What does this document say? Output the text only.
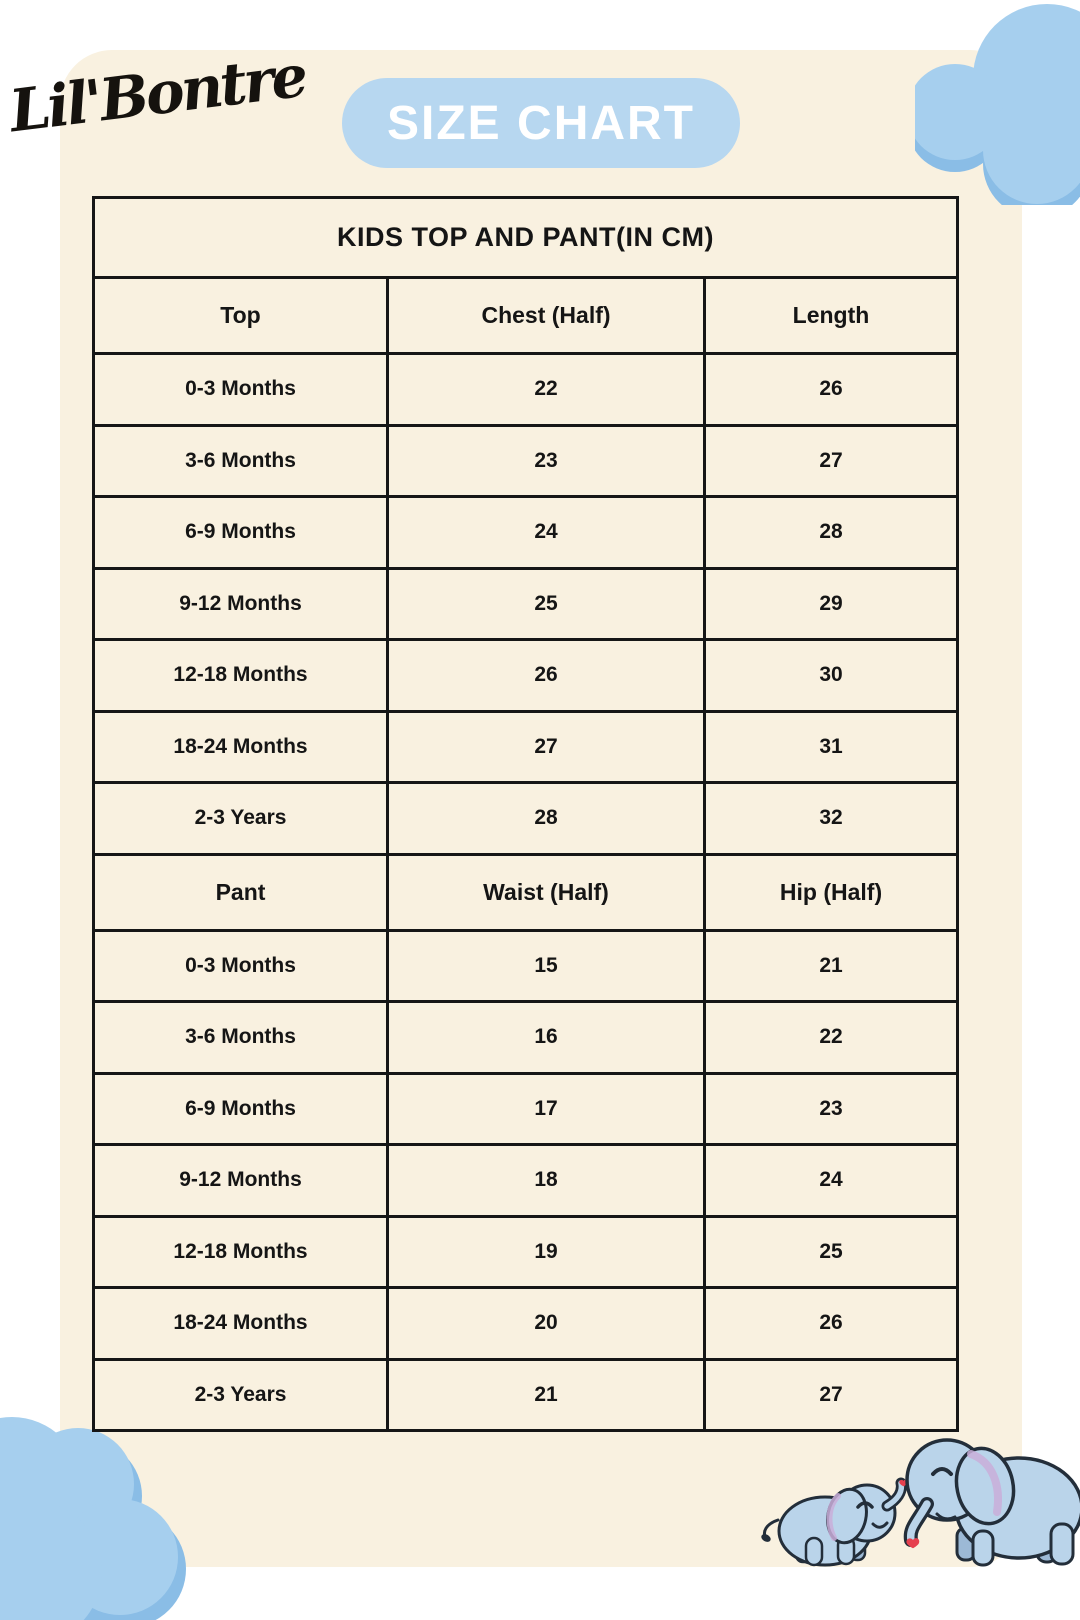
Lil'Bontre	SIZE CHART
KIDS TOP AND PANT(IN CM)		
Top	Chest (Half)	Length
0-3 Months	22	26
3-6 Months	23	27
6-9 Months	24	28
9-12 Months	25	29
12-18 Months	26	30
18-24 Months	27	31
2-3 Years	28	32
Pant	Waist (Half)	Hip (Half)
0-3 Months	15	21
3-6 Months	16	22
6-9 Months	17	23
9-12 Months	18	24
12-18 Months	19	25
18-24 Months	20	26
2-3 Years	21	27
